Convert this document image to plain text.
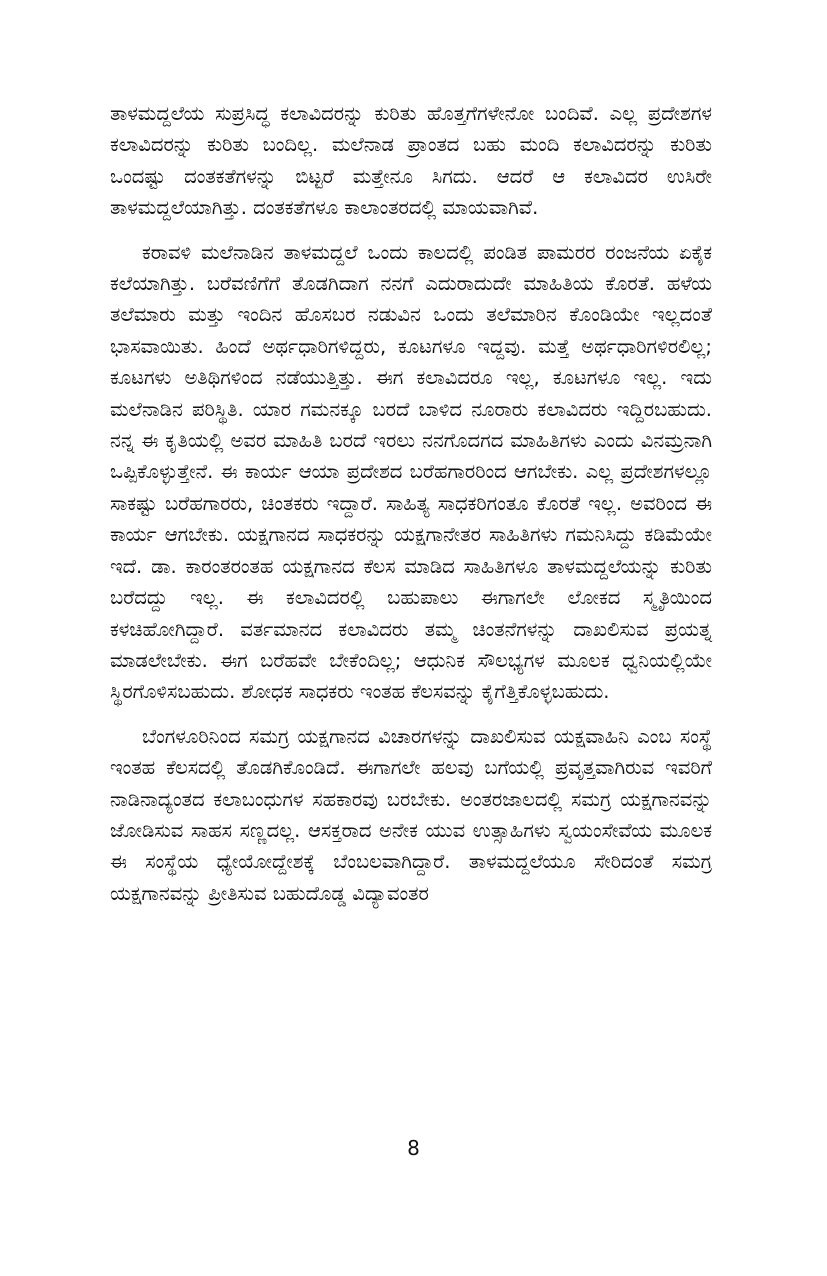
ತಾಳಮದ್ದಲೆಯ ಸುಪ್ರಸಿದ್ಧ ಕಲಾವಿದರನ್ನು ಕುರಿತು ಹೊತ್ತಗೆಗಳೇನೋ ಬಂದಿವೆ. ಎಲ್ಲ ಪ್ರದೇಶಗಳ ಕಲಾವಿದರನ್ನು ಕುರಿತು ಬಂದಿಲ್ಲ. ಮಲೆನಾಡ ಪ್ರಾಂತದ ಬಹು ಮಂದಿ ಕಲಾವಿದರನ್ನು ಕುರಿತು ಒಂದಷ್ಟು ದಂತಕತೆಗಳನ್ನು ಬಿಟ್ಟರೆ ಮತ್ತೇನೂ ಸಿಗದು. ಆದರೆ ಆ ಕಲಾವಿದರ ಉಸಿರೇ ತಾಳಮದ್ದಲೆಯಾಗಿತ್ತು. ದಂತಕತೆಗಳೂ ಕಾಲಾಂತರದಲ್ಲಿ ಮಾಯವಾಗಿವೆ.

ಕರಾವಳಿ ಮಲೆನಾಡಿನ ತಾಳಮದ್ದಲೆ ಒಂದು ಕಾಲದಲ್ಲಿ ಪಂಡಿತ ಪಾಮರರ ರಂಜನೆಯ ಏಕೈಕ ಕಲೆಯಾಗಿತ್ತು. ಬರೆವಣಿಗೆಗೆ ತೊಡಗಿದಾಗ ನನಗೆ ಎದುರಾದುದೇ ಮಾಹಿತಿಯ ಕೊರತೆ. ಹಳೆಯ ತಲೆಮಾರು ಮತ್ತು ಇಂದಿನ ಹೊಸಬರ ನಡುವಿನ ಒಂದು ತಲೆಮಾರಿನ ಕೊಂಡಿಯೇ ಇಲ್ಲದಂತೆ ಭಾಸವಾಯಿತು. ಹಿಂದೆ ಅರ್ಥಧಾರಿಗಳಿದ್ದರು, ಕೂಟಗಳೂ ಇದ್ದವು. ಮತ್ತೆ ಅರ್ಥಧಾರಿಗಳಿರಲಿಲ್ಲ; ಕೂಟಗಳು ಅತಿಥಿಗಳಿಂದ ನಡೆಯುತ್ತಿತ್ತು. ಈಗ ಕಲಾವಿದರೂ ಇಲ್ಲ, ಕೂಟಗಳೂ ಇಲ್ಲ. ಇದು ಮಲೆನಾಡಿನ ಪರಿಸ್ಥಿತಿ. ಯಾರ ಗಮನಕ್ಕೂ ಬರದೆ ಬಾಳಿದ ನೂರಾರು ಕಲಾವಿದರು ಇದ್ದಿರಬಹುದು. ನನ್ನ ಈ ಕೃತಿಯಲ್ಲಿ ಅವರ ಮಾಹಿತಿ ಬರದೆ ಇರಲು ನನಗೊದಗದ ಮಾಹಿತಿಗಳು ಎಂದು ವಿನಮ್ರನಾಗಿ ಒಪ್ಪಿಕೊಳ್ಳುತ್ತೇನೆ. ಈ ಕಾರ್ಯ ಆಯಾ ಪ್ರದೇಶದ ಬರೆಹಗಾರರಿಂದ ಆಗಬೇಕು. ಎಲ್ಲ ಪ್ರದೇಶಗಳಲ್ಲೂ ಸಾಕಷ್ಟು ಬರೆಹಗಾರರು, ಚಿಂತಕರು ಇದ್ದಾರೆ. ಸಾಹಿತ್ಯ ಸಾಧಕರಿಗಂತೂ ಕೊರತೆ ಇಲ್ಲ. ಅವರಿಂದ ಈ ಕಾರ್ಯ ಆಗಬೇಕು. ಯಕ್ಷಗಾನದ ಸಾಧಕರನ್ನು ಯಕ್ಷಗಾನೇತರ ಸಾಹಿತಿಗಳು ಗಮನಿಸಿದ್ದು ಕಡಿಮೆಯೇ ಇದೆ. ಡಾ. ಕಾರಂತರಂತಹ ಯಕ್ಷಗಾನದ ಕೆಲಸ ಮಾಡಿದ ಸಾಹಿತಿಗಳೂ ತಾಳಮದ್ದಲೆಯನ್ನು ಕುರಿತು ಬರೆದದ್ದು ಇಲ್ಲ. ಈ ಕಲಾವಿದರಲ್ಲಿ ಬಹುಪಾಲು ಈಗಾಗಲೇ ಲೋಕದ ಸ್ಮೃತಿಯಿಂದ ಕಳಚಿಹೋಗಿದ್ದಾರೆ. ವರ್ತಮಾನದ ಕಲಾವಿದರು ತಮ್ಮ ಚಿಂತನೆಗಳನ್ನು ದಾಖಲಿಸುವ ಪ್ರಯತ್ನ ಮಾಡಲೇಬೇಕು. ಈಗ ಬರೆಹವೇ ಬೇಕೆಂದಿಲ್ಲ; ಆಧುನಿಕ ಸೌಲಭ್ಯಗಳ ಮೂಲಕ ಧ್ವನಿಯಲ್ಲಿಯೇ ಸ್ಥಿರಗೊಳಿಸಬಹುದು. ಶೋಧಕ ಸಾಧಕರು ಇಂತಹ ಕೆಲಸವನ್ನು ಕೈಗೆತ್ತಿಕೊಳ್ಳಬಹುದು.

ಬೆಂಗಳೂರಿನಿಂದ ಸಮಗ್ರ ಯಕ್ಷಗಾನದ ವಿಚಾರಗಳನ್ನು ದಾಖಲಿಸುವ ಯಕ್ಷವಾಹಿನಿ ಎಂಬ ಸಂಸ್ಥೆ ಇಂತಹ ಕೆಲಸದಲ್ಲಿ ತೊಡಗಿಕೊಂಡಿದೆ. ಈಗಾಗಲೇ ಹಲವು ಬಗೆಯಲ್ಲಿ ಪ್ರವೃತ್ತವಾಗಿರುವ ಇವರಿಗೆ ನಾಡಿನಾದ್ಯಂತದ ಕಲಾಬಂಧುಗಳ ಸಹಕಾರವು ಬರಬೇಕು. ಅಂತರಜಾಲದಲ್ಲಿ ಸಮಗ್ರ ಯಕ್ಷಗಾನವನ್ನು ಜೋಡಿಸುವ ಸಾಹಸ ಸಣ್ಣದಲ್ಲ. ಆಸಕ್ತರಾದ ಅನೇಕ ಯುವ ಉತ್ಸಾಹಿಗಳು ಸ್ವಯಂಸೇವೆಯ ಮೂಲಕ ಈ ಸಂಸ್ಥೆಯ ಧ್ಯೇಯೋದ್ದೇಶಕ್ಕೆ ಬೆಂಬಲವಾಗಿದ್ದಾರೆ. ತಾಳಮದ್ದಲೆಯೂ ಸೇರಿದಂತೆ ಸಮಗ್ರ ಯಕ್ಷಗಾನವನ್ನು ಪ್ರೀತಿಸುವ ಬಹುದೊಡ್ಡ ವಿದ್ಯಾವಂತರ

8
